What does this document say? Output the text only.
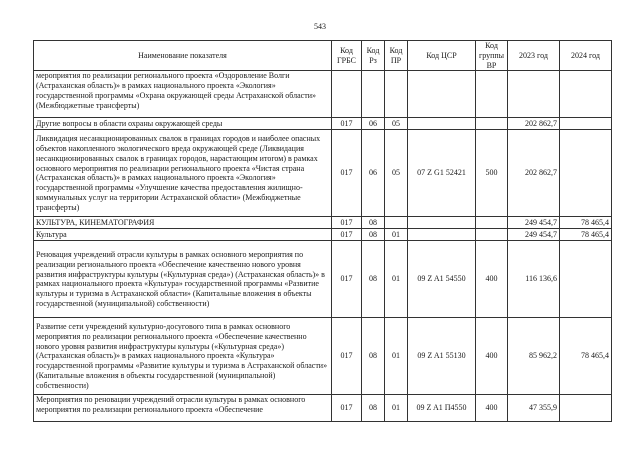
543
Наименование показателя	Код ГРБС	Код Рз	Код ПР	Код ЦСР	Код группы ВР	2023 год	2024 год
мероприятия по реализации регионального проекта «Оздоровление Волги (Астраханская область)» в рамках национального проекта «Экология» государственной программы «Охрана окружающей среды Астраханской области» (Межбюджетные трансферты)							
Другие вопросы в области охраны окружающей среды	017	06	05			202 862,7	
Ликвидация несанкционированных свалок в границах городов и наиболее опасных объектов накопленного экологического вреда окружающей среде (Ликвидация несанкционированных свалок в границах городов, нарастающим итогом) в рамках основного мероприятия по реализации регионального проекта «Чистая страна (Астраханская область)» в рамках национального проекта «Экология» государственной программы «Улучшение качества предоставления жилищно-коммунальных услуг на территории Астраханской области» (Межбюджетные трансферты)	017	06	05	07 Z G1 52421	500	202 862,7	
КУЛЬТУРА, КИНЕМАТОГРАФИЯ	017	08				249 454,7	78 465,4
Культура	017	08	01			249 454,7	78 465,4
Реновация учреждений отрасли культуры в рамках основного мероприятия по реализации регионального проекта «Обеспечение качественно нового уровня развития инфраструктуры культуры («Культурная среда») (Астраханская область)» в рамках национального проекта «Культура» государственной программы «Развитие культуры и туризма в Астраханской области» (Капитальные вложения в объекты государственной (муниципальной) собственности)	017	08	01	09 Z A1 54550	400	116 136,6	
Развитие сети учреждений культурно-досугового типа в рамках основного мероприятия по реализации регионального проекта «Обеспечение качественно нового уровня развития инфраструктуры культуры («Культурная среда») (Астраханская область)» в рамках национального проекта «Культура» государственной программы «Развитие культуры и туризма в Астраханской области» (Капитальные вложения в объекты государственной (муниципальной) собственности)	017	08	01	09 Z A1 55130	400	85 962,2	78 465,4
Мероприятия по реновации учреждений отрасли культуры в рамках основного мероприятия по реализации регионального проекта «Обеспечение	017	08	01	09 Z A1 П4550	400	47 355,9	
